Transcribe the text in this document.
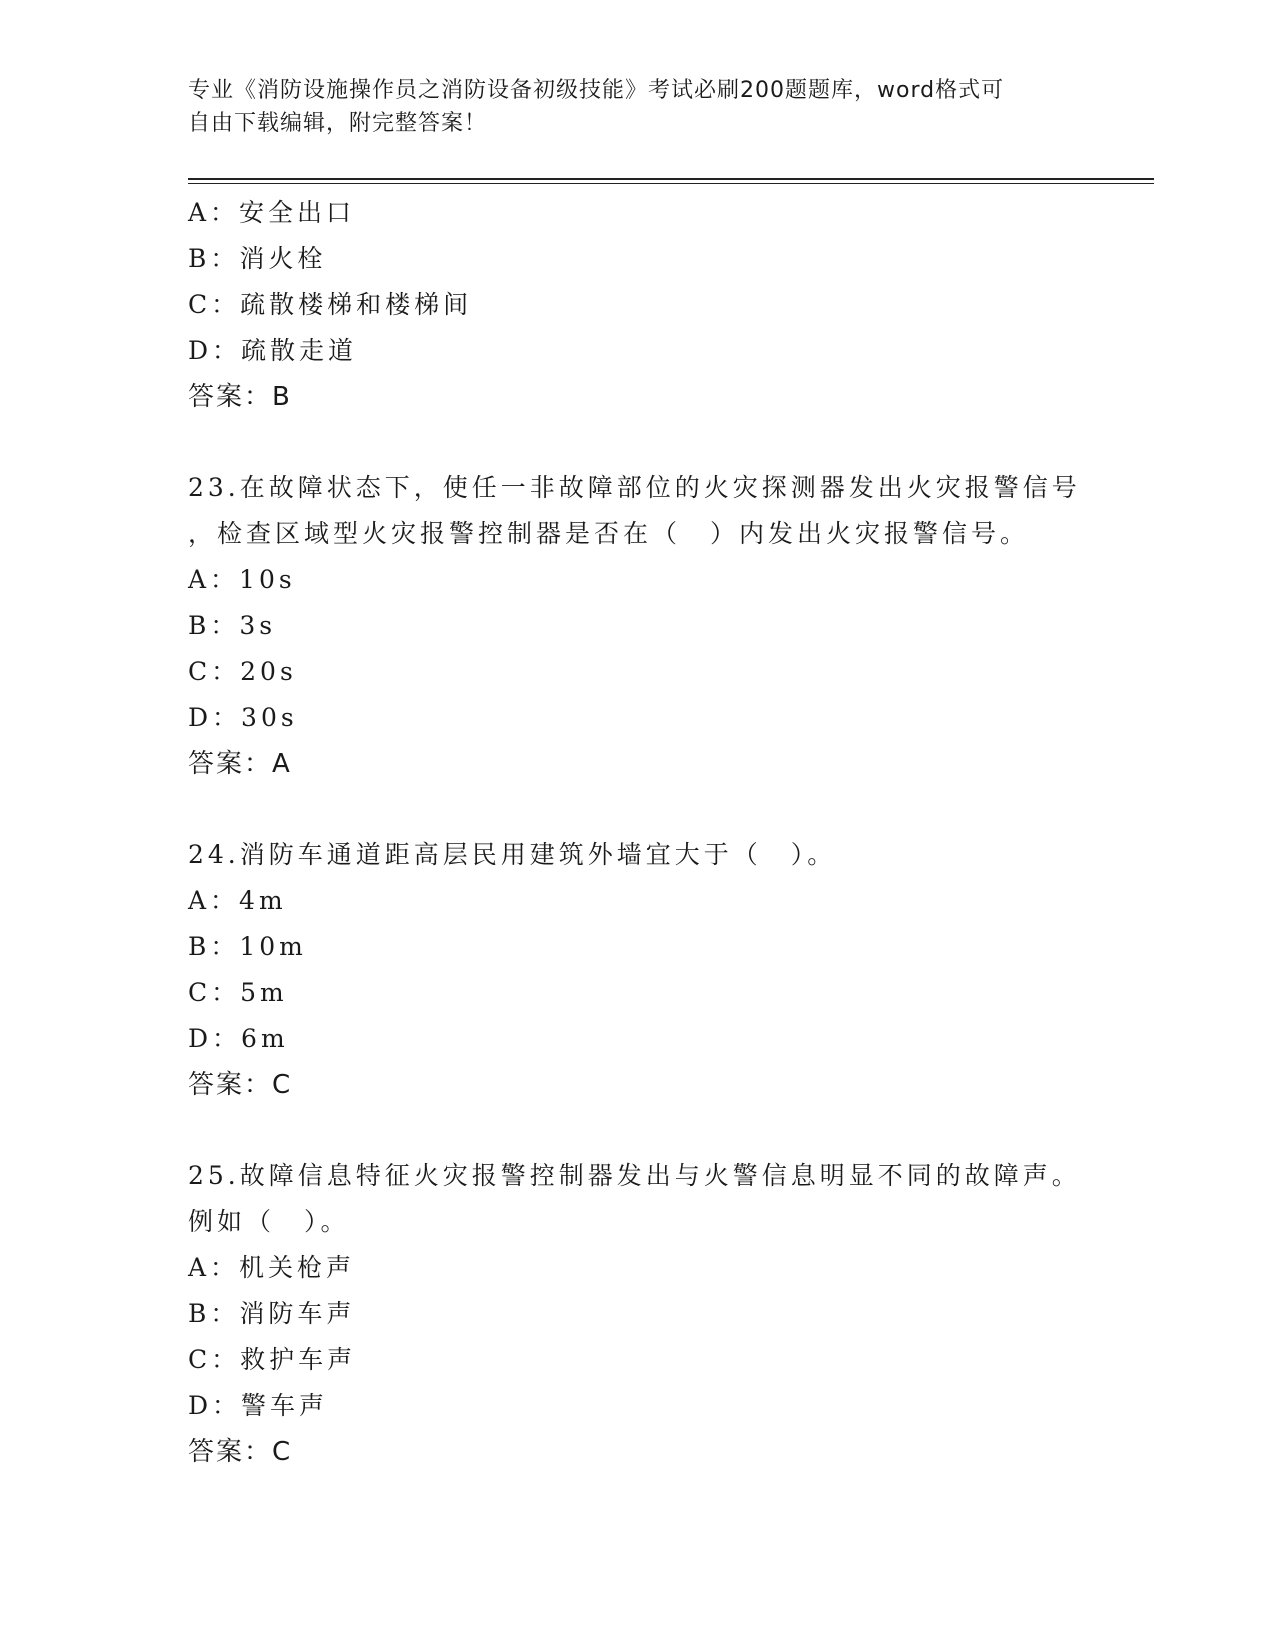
专业《消防设施操作员之消防设备初级技能》考试必刷200题题库，word格式可
自由下载编辑，附完整答案！
A：安全出口
B：消火栓
C：疏散楼梯和楼梯间
D：疏散走道
答案：B
23.在故障状态下，使任一非故障部位的火灾探测器发出火灾报警信号
，检查区域型火灾报警控制器是否在（　）内发出火灾报警信号。
A：10s
B：3s
C：20s
D：30s
答案：A
24.消防车通道距高层民用建筑外墙宜大于（　）。
A：4m
B：10m
C：5m
D：6m
答案：C
25.故障信息特征火灾报警控制器发出与火警信息明显不同的故障声。
例如（　）。
A：机关枪声
B：消防车声
C：救护车声
D：警车声
答案：C
